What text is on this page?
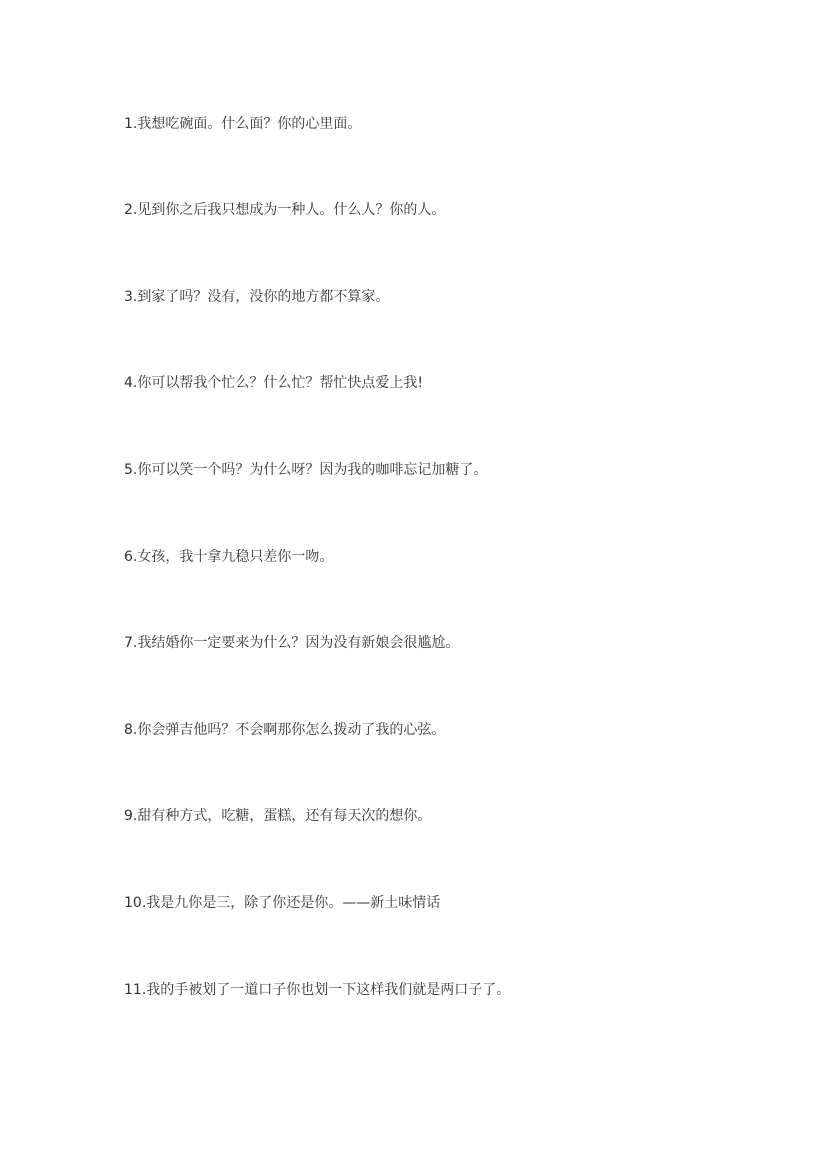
1.我想吃碗面。什么面？你的心里面。
2.见到你之后我只想成为一种人。什么人？你的人。
3.到家了吗？没有，没你的地方都不算家。
4.你可以帮我个忙么？什么忙？帮忙快点爱上我!
5.你可以笑一个吗？为什么呀？因为我的咖啡忘记加糖了。
6.女孩，我十拿九稳只差你一吻。
7.我结婚你一定要来为什么？因为没有新娘会很尴尬。
8.你会弹吉他吗？不会啊那你怎么拨动了我的心弦。
9.甜有种方式，吃糖，蛋糕，还有每天次的想你。
10.我是九你是三，除了你还是你。——新土味情话
11.我的手被划了一道口子你也划一下这样我们就是两口子了。
